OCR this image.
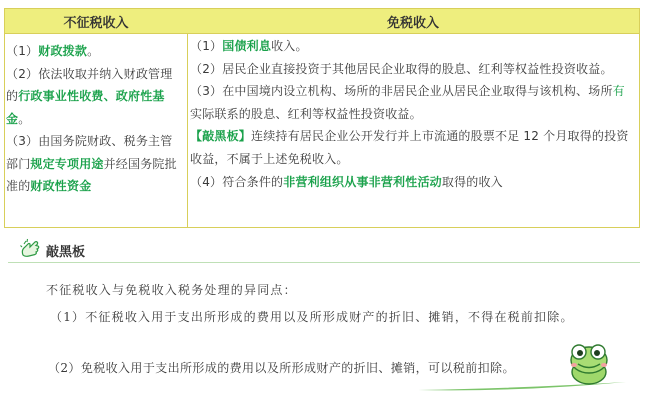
不征税收入	免税收入
（1）财政拨款。
（2）依法收取并纳入财政管理的行政事业性收费、政府性基金。
（3）由国务院财政、税务主管部门规定专项用途并经国务院批准的财政性资金
（1）国债利息收入。
（2）居民企业直接投资于其他居民企业取得的股息、红利等权益性投资收益。
（3）在中国境内设立机构、场所的非居民企业从居民企业取得与该机构、场所有实际联系的股息、红利等权益性投资收益。
【敲黑板】连续持有居民企业公开发行并上市流通的股票不足 12 个月取得的投资收益，不属于上述免税收入。
（4）符合条件的非营利组织从事非营利性活动取得的收入
敲黑板
不征税收入与免税收入税务处理的异同点：
（1）不征税收入用于支出所形成的费用以及所形成财产的折旧、摊销，不得在税前扣除。
（2）免税收入用于支出所形成的费用以及所形成财产的折旧、摊销，可以税前扣除。
